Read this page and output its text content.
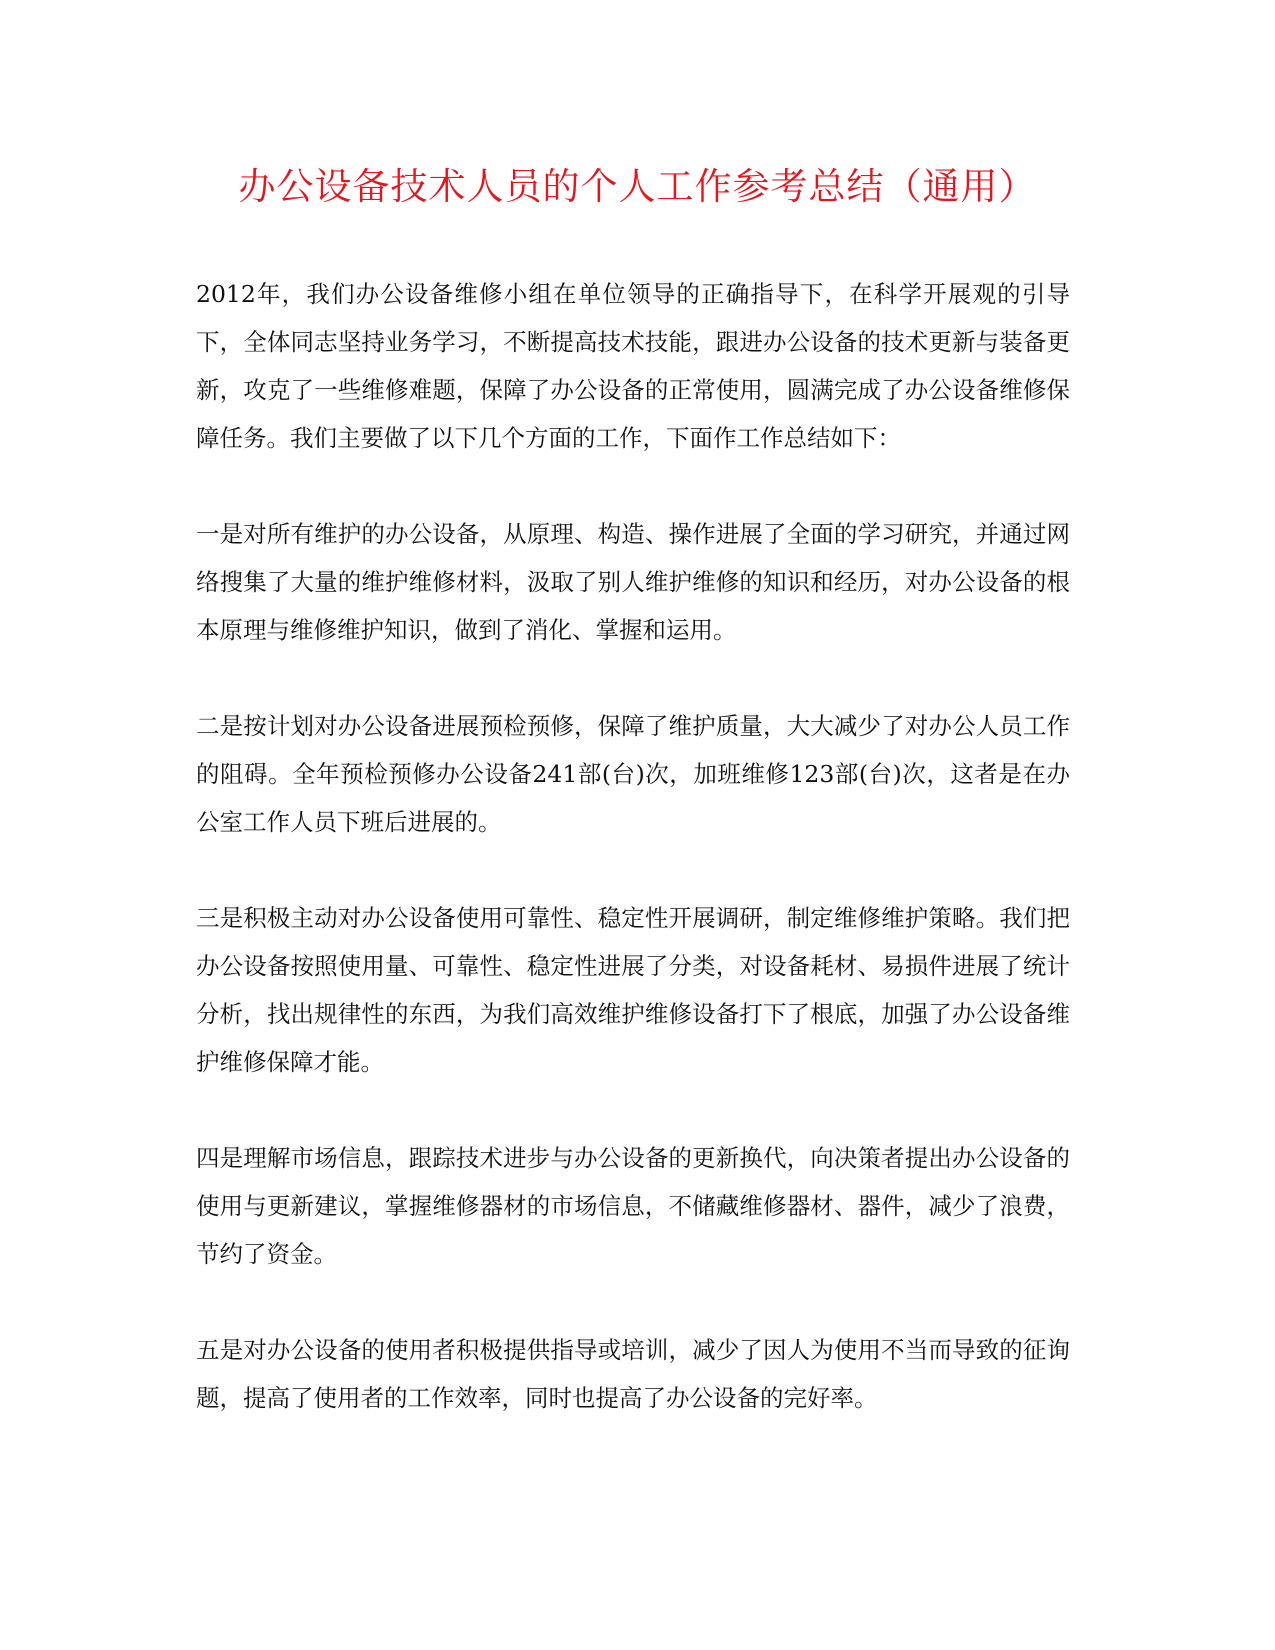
办公设备技术人员的个人工作参考总结（通用）

2012年，我们办公设备维修小组在单位领导的正确指导下，在科学开展观的引导下，全体同志坚持业务学习，不断提高技术技能，跟进办公设备的技术更新与装备更新，攻克了一些维修难题，保障了办公设备的正常使用，圆满完成了办公设备维修保障任务。我们主要做了以下几个方面的工作，下面作工作总结如下：

一是对所有维护的办公设备，从原理、构造、操作进展了全面的学习研究，并通过网络搜集了大量的维护维修材料，汲取了别人维护维修的知识和经历，对办公设备的根本原理与维修维护知识，做到了消化、掌握和运用。

二是按计划对办公设备进展预检预修，保障了维护质量，大大减少了对办公人员工作的阻碍。全年预检预修办公设备241部(台)次，加班维修123部(台)次，这者是在办公室工作人员下班后进展的。

三是积极主动对办公设备使用可靠性、稳定性开展调研，制定维修维护策略。我们把办公设备按照使用量、可靠性、稳定性进展了分类，对设备耗材、易损件进展了统计分析，找出规律性的东西，为我们高效维护维修设备打下了根底，加强了办公设备维护维修保障才能。

四是理解市场信息，跟踪技术进步与办公设备的更新换代，向决策者提出办公设备的使用与更新建议，掌握维修器材的市场信息，不储藏维修器材、器件，减少了浪费，节约了资金。

五是对办公设备的使用者积极提供指导或培训，减少了因人为使用不当而导致的征询题，提高了使用者的工作效率，同时也提高了办公设备的完好率。
